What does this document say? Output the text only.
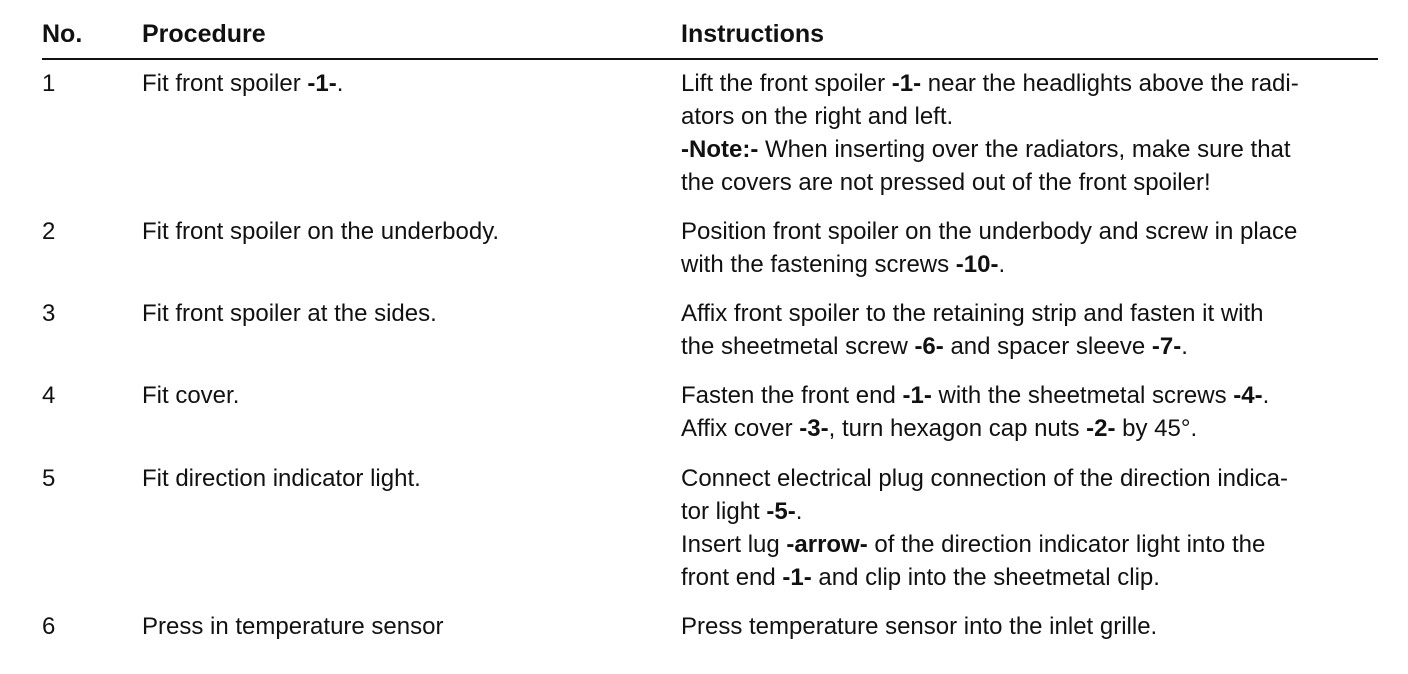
No. Procedure	Instructions
1	Fit front spoiler -1-.	Lift the front spoiler -1- near the headlights above the radi-
ators on the right and left.
-Note:- When inserting over the radiators, make sure that
the covers are not pressed out of the front spoiler!
2	Fit front spoiler on the underbody.	Position front spoiler on the underbody and screw in place
with the fastening screws -10-.
3	Fit front spoiler at the sides.	Affix front spoiler to the retaining strip and fasten it with
the sheetmetal screw -6- and spacer sleeve -7-.
4	Fit cover.	Fasten the front end -1- with the sheetmetal screws -4-.
Affix cover -3-, turn hexagon cap nuts -2- by 45°.
5	Fit direction indicator light.	Connect electrical plug connection of the direction indica-
tor light -5-.
Insert lug -arrow- of the direction indicator light into the
front end -1- and clip into the sheetmetal clip.
6	Press in temperature sensor	Press temperature sensor into the inlet grille.
